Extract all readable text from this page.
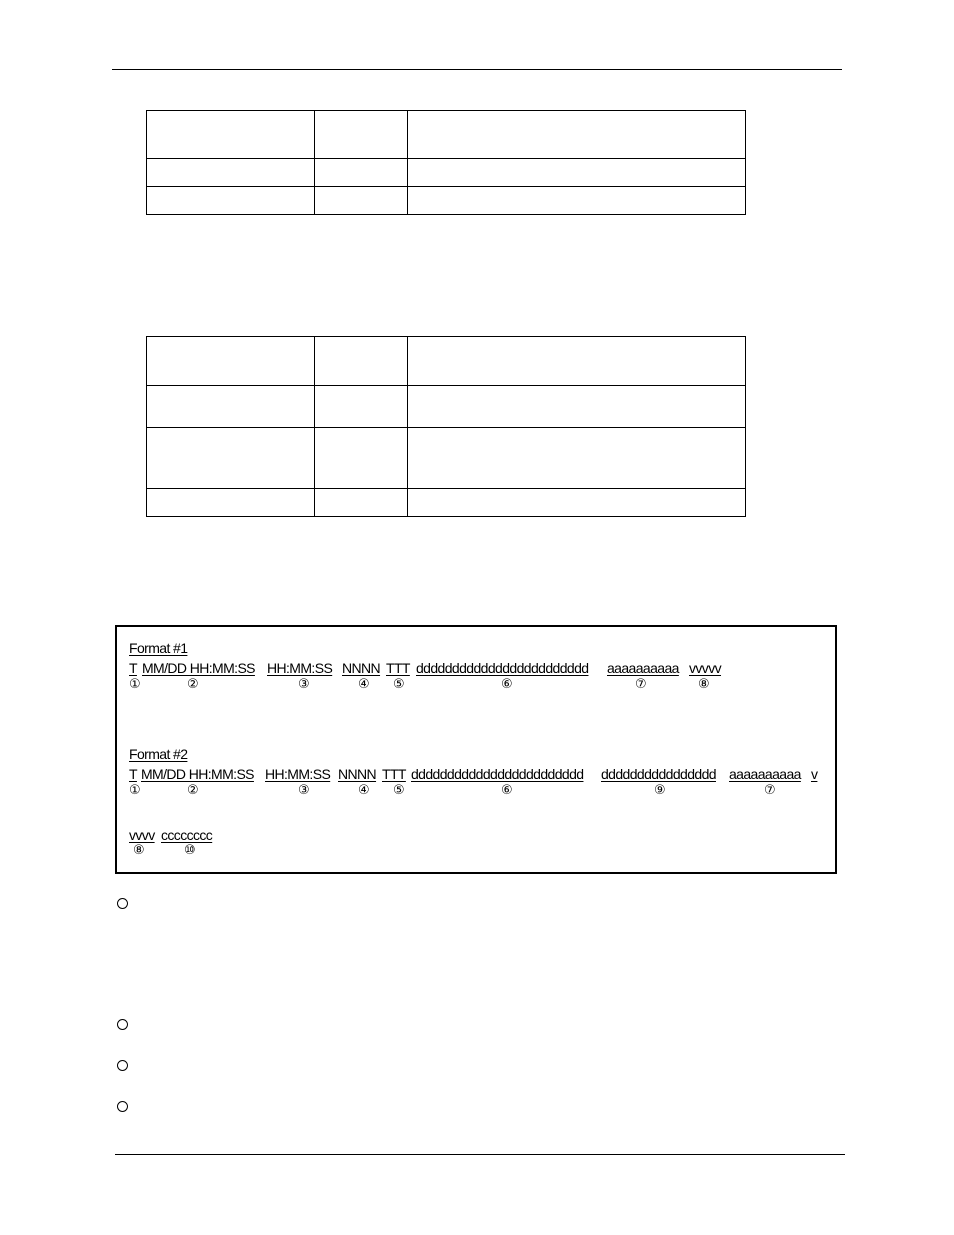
Format #1
T MM/DD HH:MM:SS HH:MM:SS NNNN TTT dddddddddddddddddddddddd aaaaaaaaaa vvvvv
①	②	③	④ ⑤	⑥	⑦	⑧
Format #2
T MM/DD HH:MM:SS HH:MM:SS NNNN TTT dddddddddddddddddddddddd dddddddddddddddd aaaaaaaaaa v
①	②	③	④ ⑤	⑥	⑨	⑦
vvvv cccccccc
⑧	⑩
